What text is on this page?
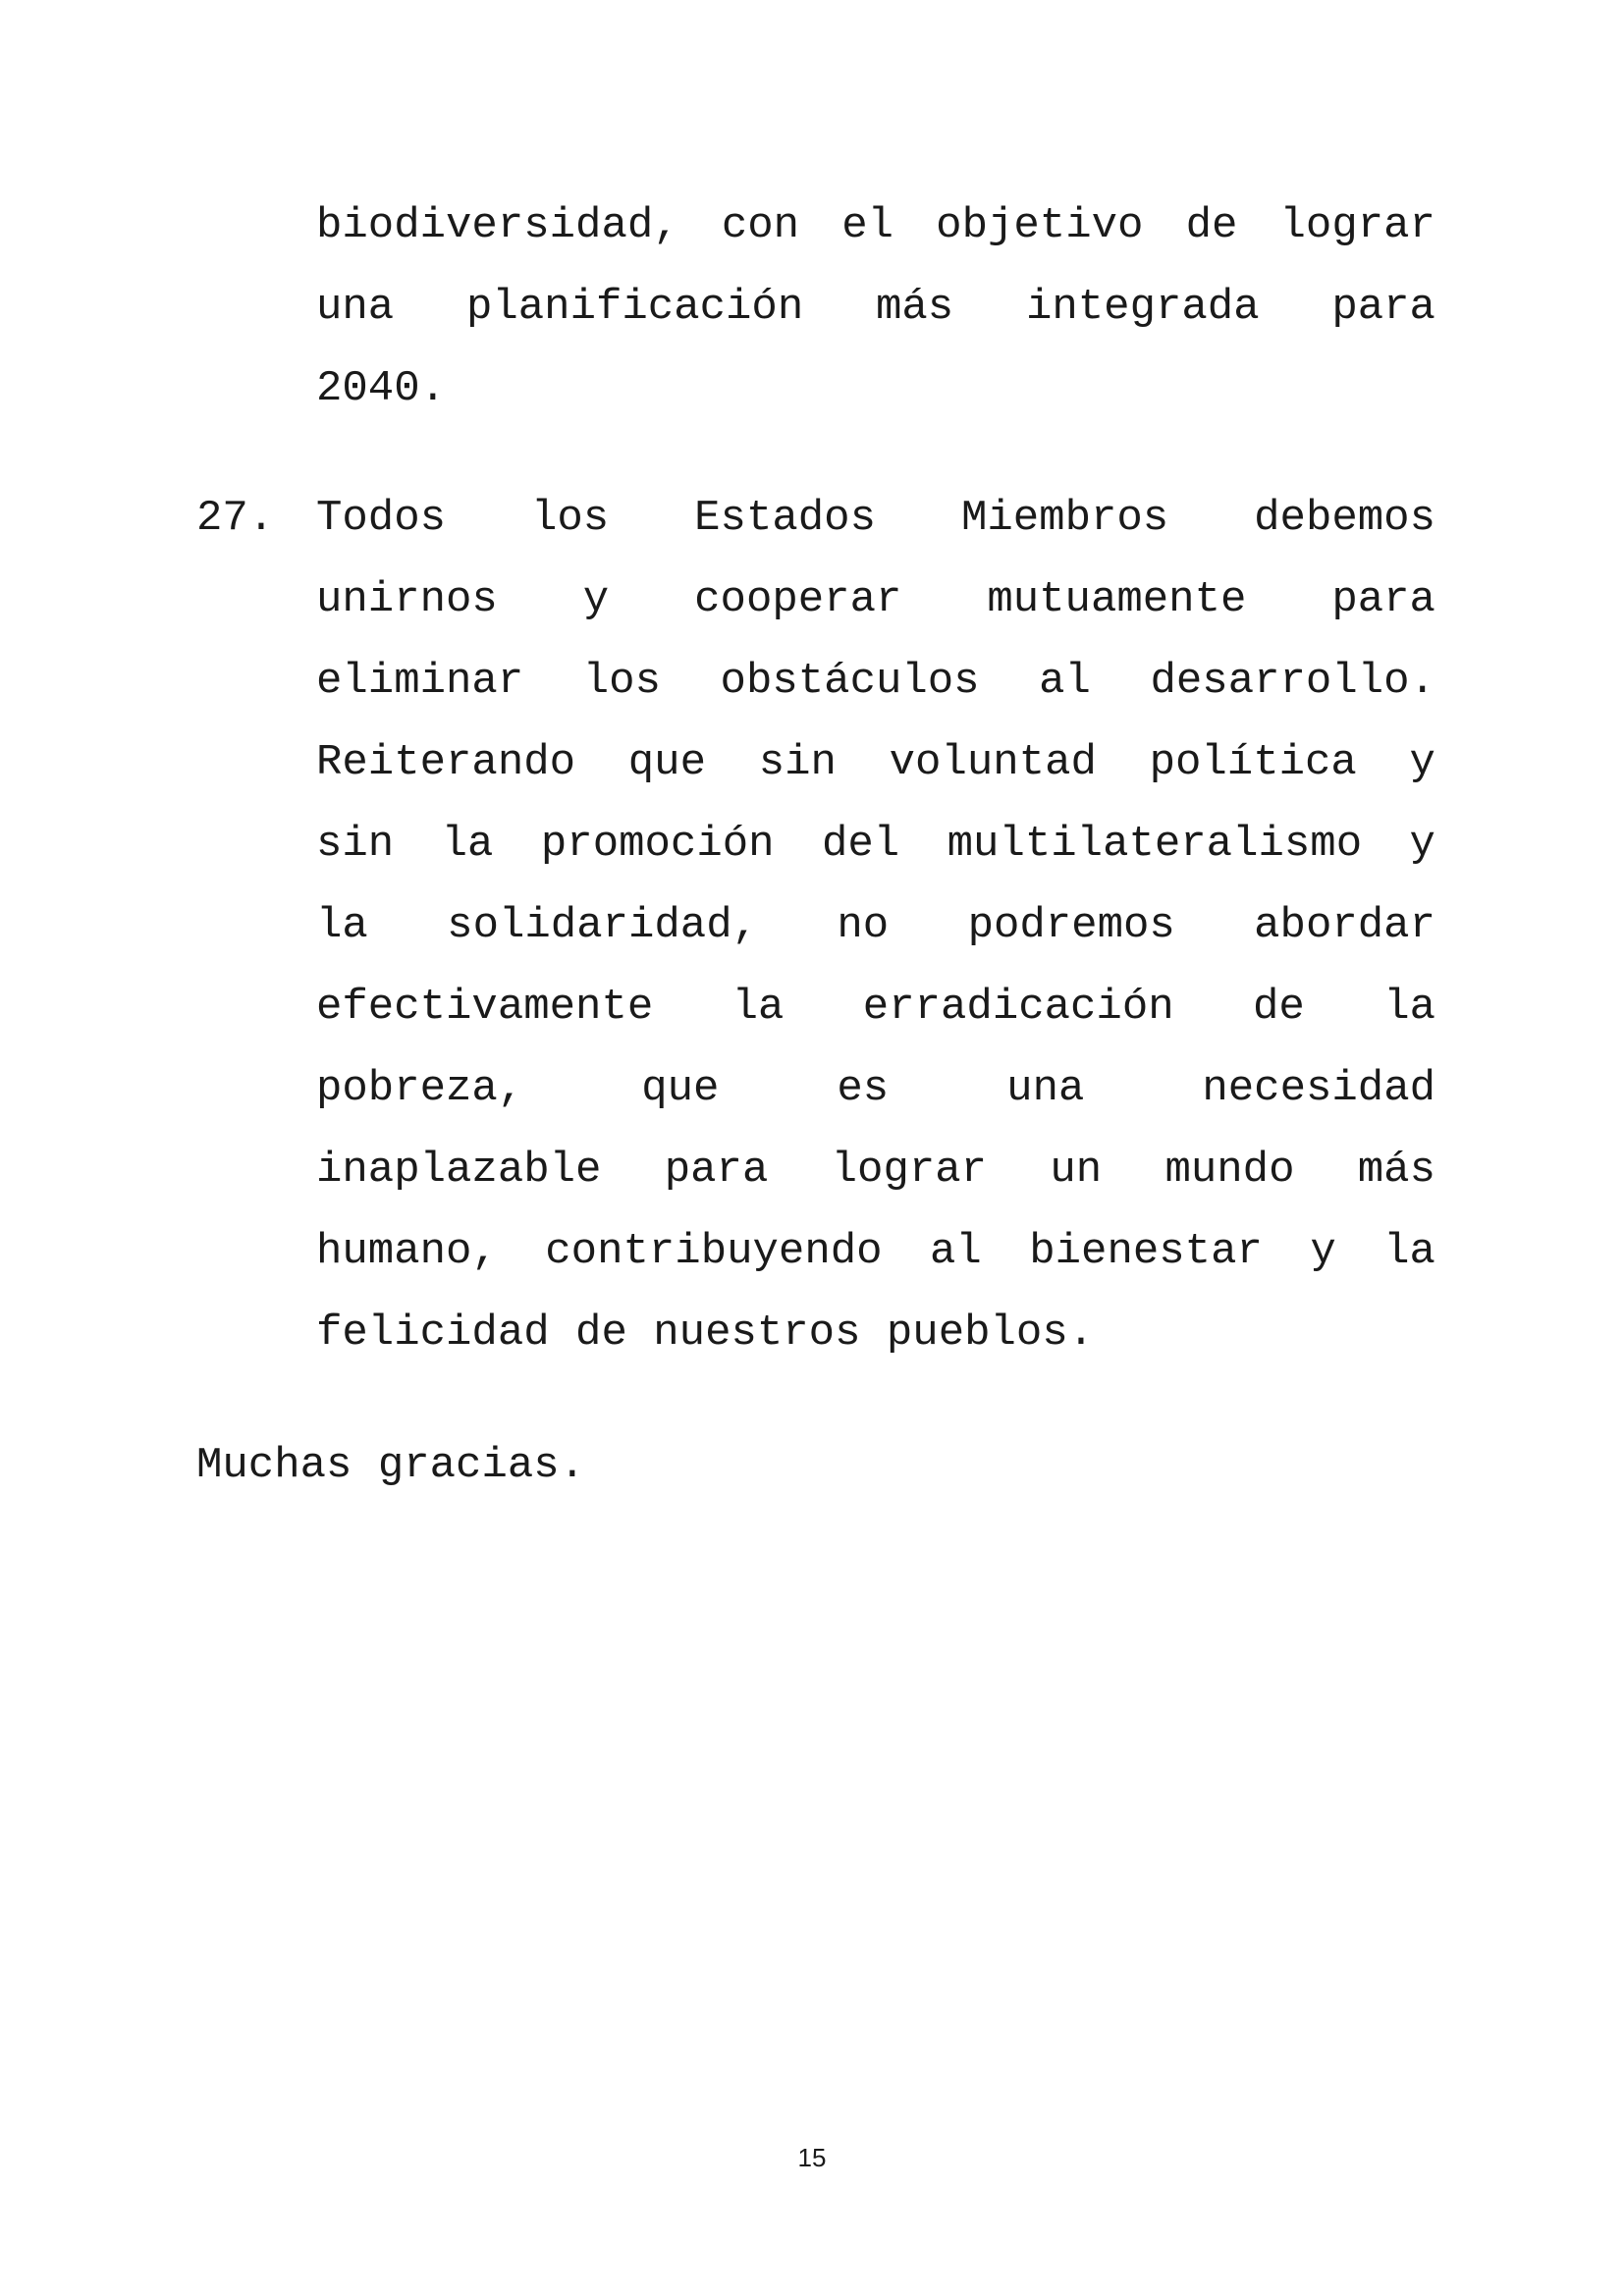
biodiversidad, con el objetivo de lograr
una planificación más integrada para
2040.
27. Todos los Estados Miembros debemos
unirnos y cooperar mutuamente para
eliminar los obstáculos al desarrollo.
Reiterando que sin voluntad política y
sin la promoción del multilateralismo y
la solidaridad, no podremos abordar
efectivamente la erradicación de la
pobreza,	que	es	una	necesidad
inaplazable para lograr un mundo más
humano, contribuyendo al bienestar y la
felicidad de nuestros pueblos.
Muchas gracias.
15
